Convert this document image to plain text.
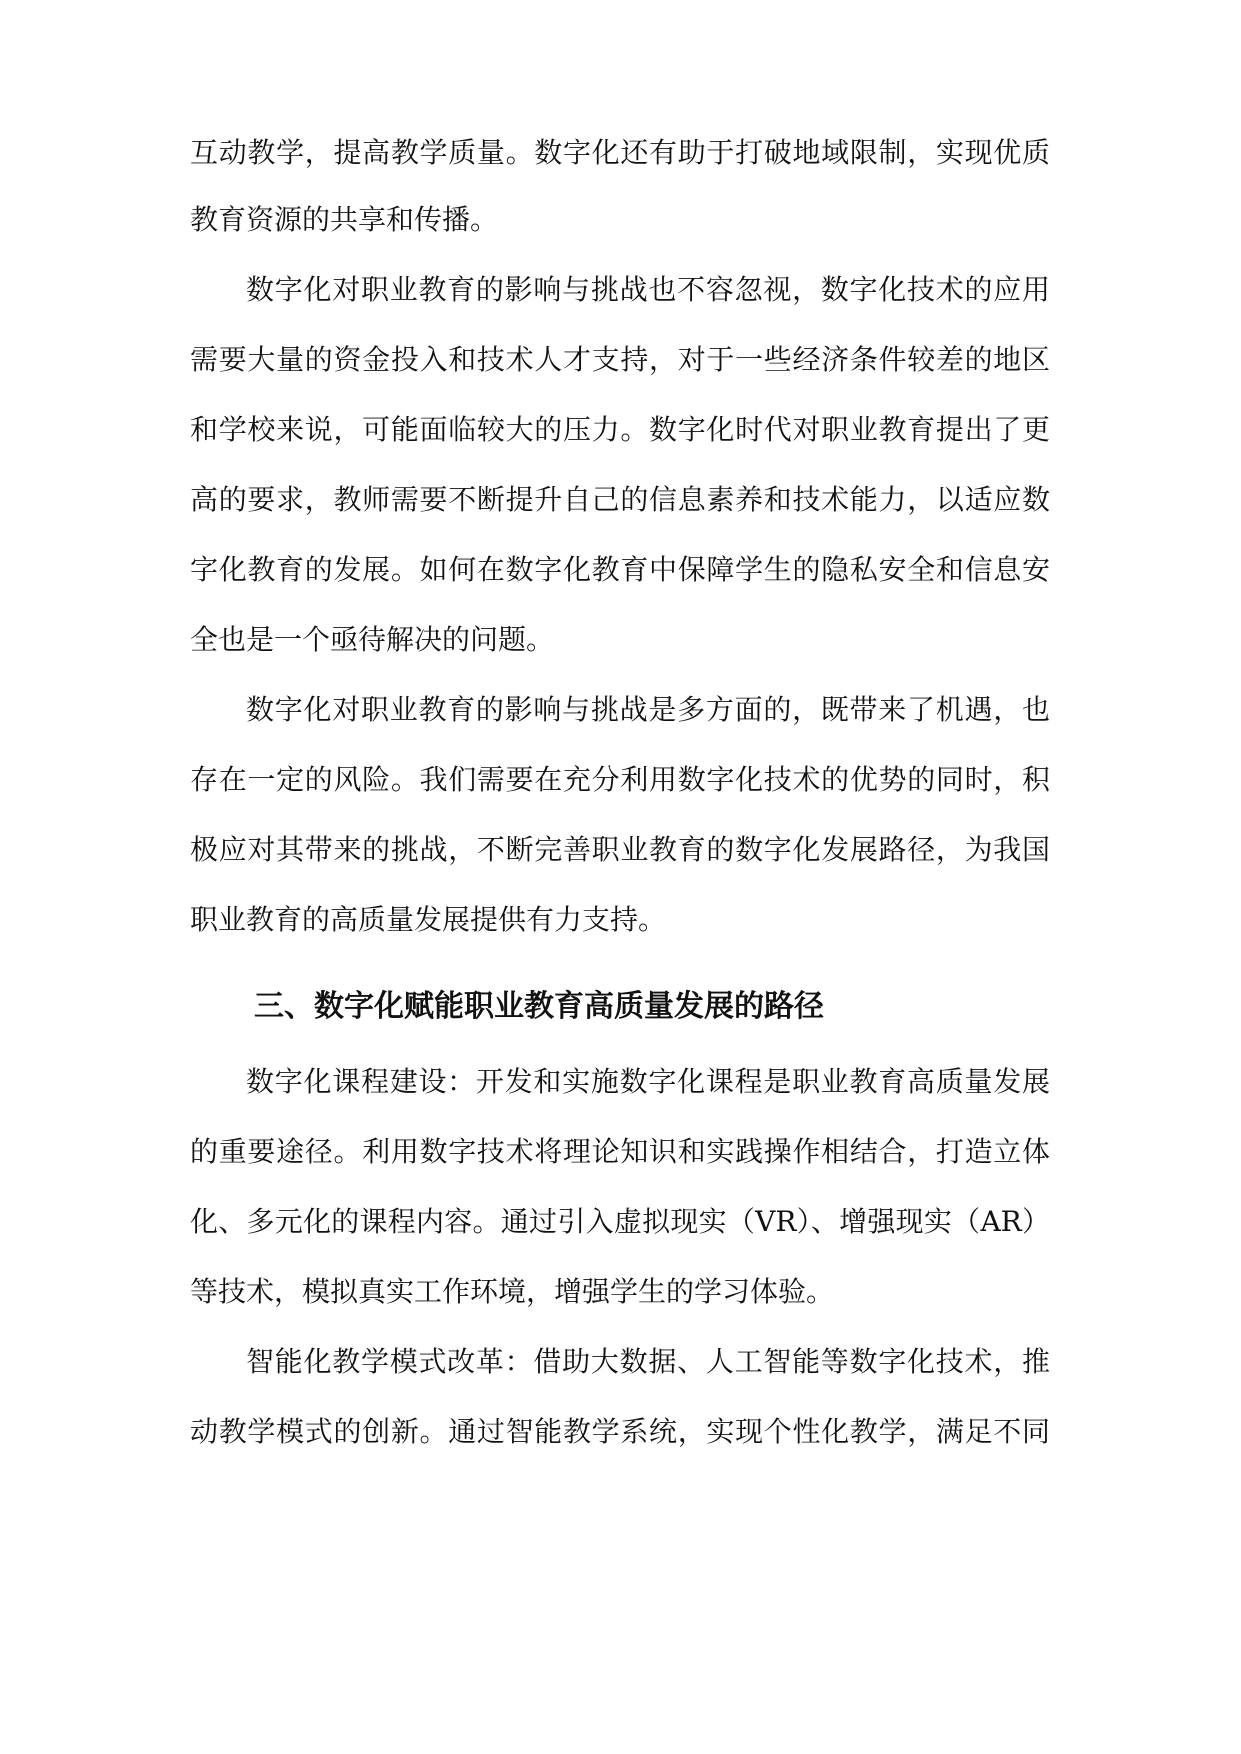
互动教学，提高教学质量。数字化还有助于打破地域限制，实现优质
教育资源的共享和传播。
数字化对职业教育的影响与挑战也不容忽视，数字化技术的应用
需要大量的资金投入和技术人才支持，对于一些经济条件较差的地区
和学校来说，可能面临较大的压力。数字化时代对职业教育提出了更
高的要求，教师需要不断提升自己的信息素养和技术能力，以适应数
字化教育的发展。如何在数字化教育中保障学生的隐私安全和信息安
全也是一个亟待解决的问题。
数字化对职业教育的影响与挑战是多方面的，既带来了机遇，也
存在一定的风险。我们需要在充分利用数字化技术的优势的同时，积
极应对其带来的挑战，不断完善职业教育的数字化发展路径，为我国
职业教育的高质量发展提供有力支持。
三、数字化赋能职业教育高质量发展的路径
数字化课程建设：开发和实施数字化课程是职业教育高质量发展
的重要途径。利用数字技术将理论知识和实践操作相结合，打造立体
化、多元化的课程内容。通过引入虚拟现实（VR）、增强现实（AR）
等技术，模拟真实工作环境，增强学生的学习体验。
智能化教学模式改革：借助大数据、人工智能等数字化技术，推
动教学模式的创新。通过智能教学系统，实现个性化教学，满足不同
